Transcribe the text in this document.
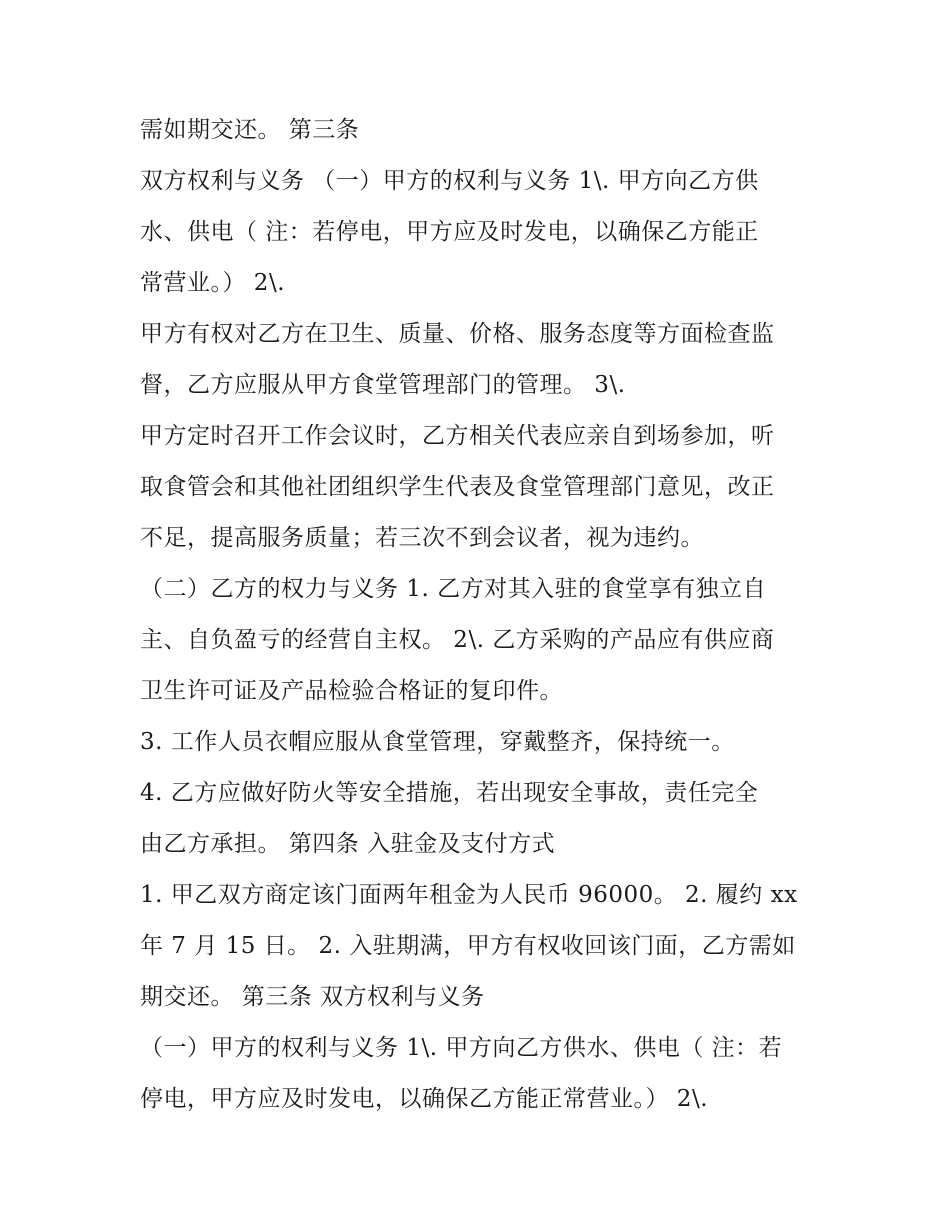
需如期交还。 第三条
双方权利与义务 （一）甲方的权利与义务 1\. 甲方向乙方供
水、供电（ 注：若停电，甲方应及时发电，以确保乙方能正
常营业。） 2\.
甲方有权对乙方在卫生、质量、价格、服务态度等方面检查监
督，乙方应服从甲方食堂管理部门的管理。 3\.
甲方定时召开工作会议时，乙方相关代表应亲自到场参加，听
取食管会和其他社团组织学生代表及食堂管理部门意见，改正
不足，提高服务质量；若三次不到会议者，视为违约。
（二）乙方的权力与义务 1. 乙方对其入驻的食堂享有独立自
主、自负盈亏的经营自主权。 2\. 乙方采购的产品应有供应商
卫生许可证及产品检验合格证的复印件。
3. 工作人员衣帽应服从食堂管理，穿戴整齐，保持统一。
4. 乙方应做好防火等安全措施，若出现安全事故，责任完全
由乙方承担。 第四条 入驻金及支付方式
1. 甲乙双方商定该门面两年租金为人民币 96000。 2. 履约 xx
年 7 月 15 日。 2. 入驻期满，甲方有权收回该门面，乙方需如
期交还。 第三条 双方权利与义务
（一）甲方的权利与义务 1\. 甲方向乙方供水、供电（ 注：若
停电，甲方应及时发电，以确保乙方能正常营业。） 2\.
